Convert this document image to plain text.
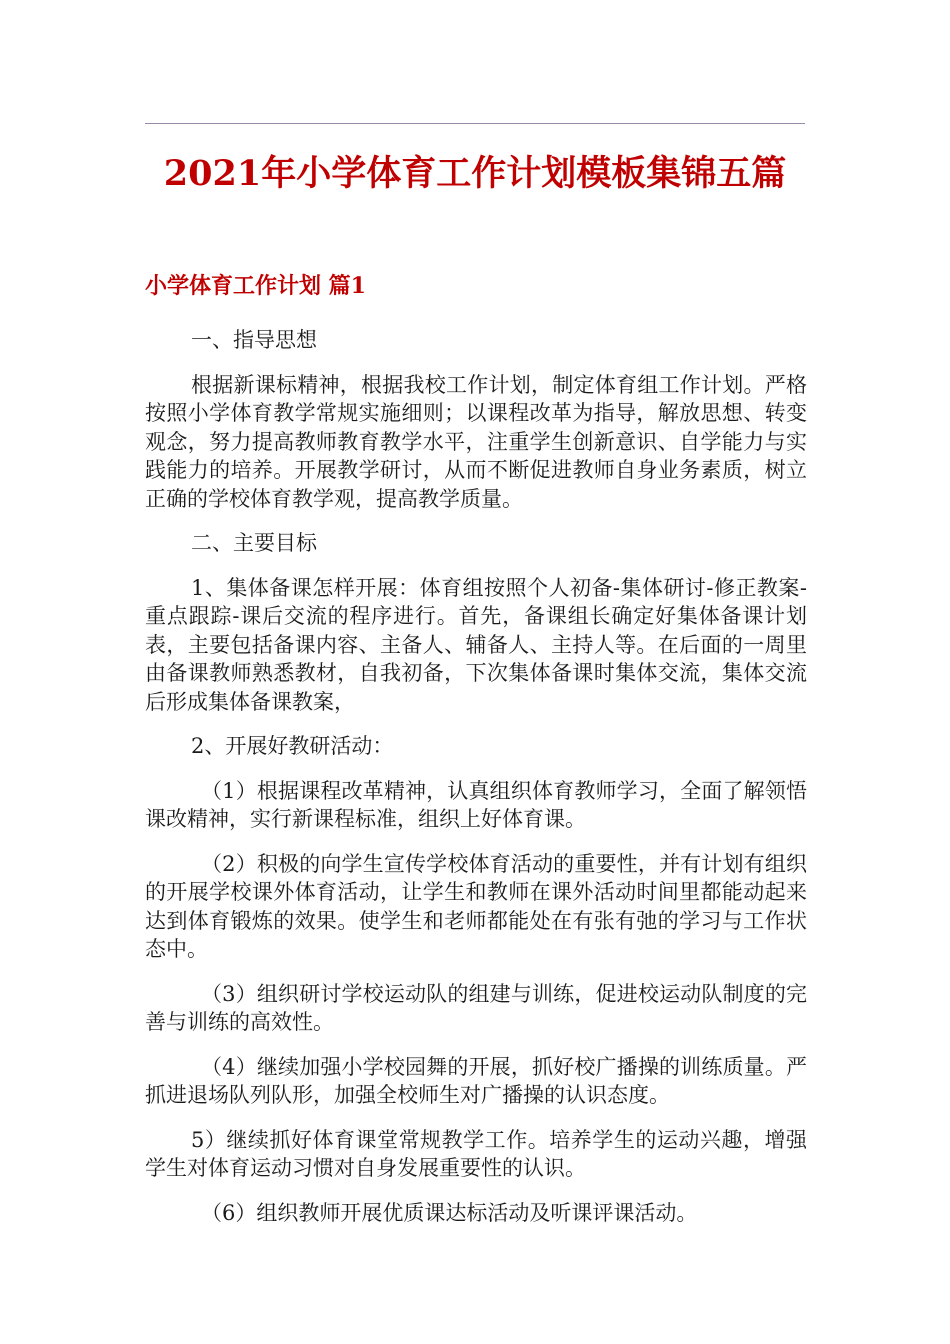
2021年小学体育工作计划模板集锦五篇
小学体育工作计划 篇1

一、指导思想

根据新课标精神，根据我校工作计划，制定体育组工作计划。严格按照小学体育教学常规实施细则；以课程改革为指导，解放思想、转变观念，努力提高教师教育教学水平，注重学生创新意识、自学能力与实践能力的培养。开展教学研讨，从而不断促进教师自身业务素质，树立正确的学校体育教学观，提高教学质量。

二、主要目标

1、集体备课怎样开展：体育组按照个人初备-集体研讨-修正教案-重点跟踪-课后交流的程序进行。首先，备课组长确定好集体备课计划表，主要包括备课内容、主备人、辅备人、主持人等。在后面的一周里由备课教师熟悉教材，自我初备，下次集体备课时集体交流，集体交流后形成集体备课教案，

2、开展好教研活动：

（1）根据课程改革精神，认真组织体育教师学习，全面了解领悟课改精神，实行新课程标准，组织上好体育课。

（2）积极的向学生宣传学校体育活动的重要性，并有计划有组织的开展学校课外体育活动，让学生和教师在课外活动时间里都能动起来达到体育锻炼的效果。使学生和老师都能处在有张有弛的学习与工作状态中。

（3）组织研讨学校运动队的组建与训练，促进校运动队制度的完善与训练的高效性。

（4）继续加强小学校园舞的开展，抓好校广播操的训练质量。严抓进退场队列队形，加强全校师生对广播操的认识态度。

5）继续抓好体育课堂常规教学工作。培养学生的运动兴趣，增强学生对体育运动习惯对自身发展重要性的认识。

（6）组织教师开展优质课达标活动及听课评课活动。
